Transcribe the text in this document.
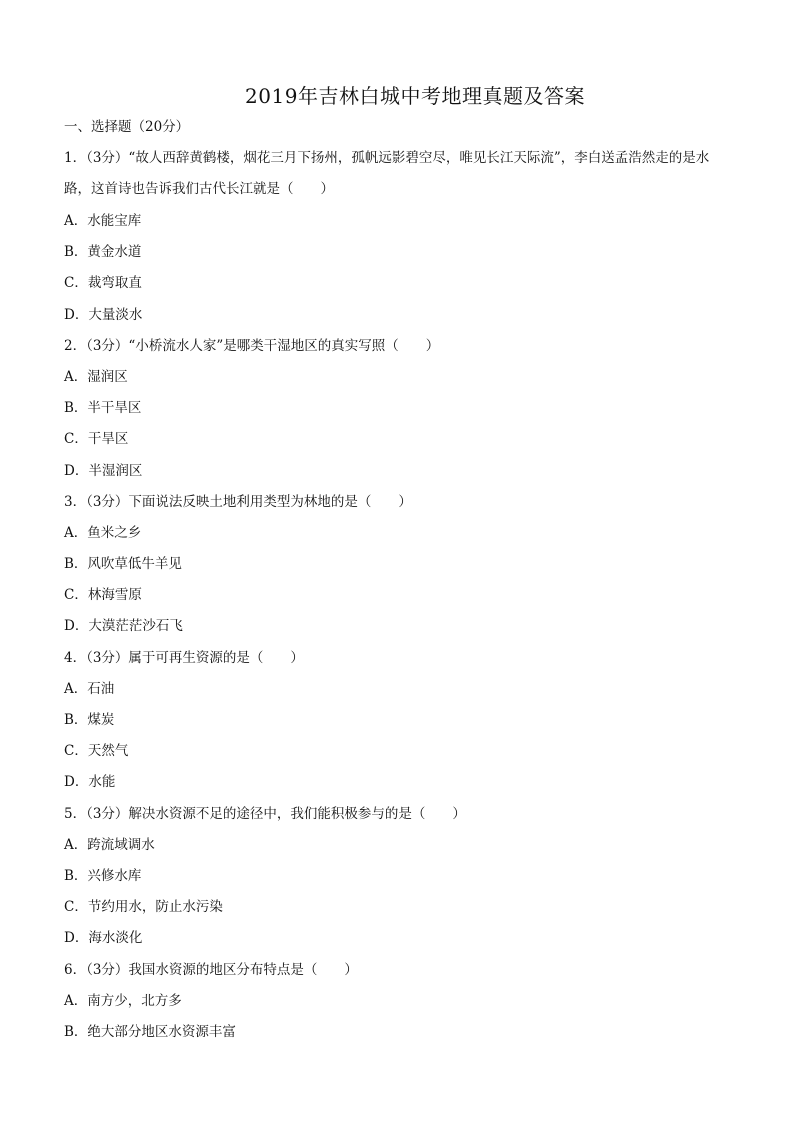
2019年吉林白城中考地理真题及答案
一、选择题（20分）
1．（3分）“故人西辞黄鹤楼，烟花三月下扬州，孤帆远影碧空尽，唯见长江天际流”，李白送孟浩然走的是水路，这首诗也告诉我们古代长江就是（　　）
A．水能宝库
B．黄金水道
C．裁弯取直
D．大量淡水
2．（3分）“小桥流水人家”是哪类干湿地区的真实写照（　　）
A．湿润区
B．半干旱区
C．干旱区
D．半湿润区
3．（3分）下面说法反映土地利用类型为林地的是（　　）
A．鱼米之乡
B．风吹草低牛羊见
C．林海雪原
D．大漠茫茫沙石飞
4．（3分）属于可再生资源的是（　　）
A．石油
B．煤炭
C．天然气
D．水能
5．（3分）解决水资源不足的途径中，我们能积极参与的是（　　）
A．跨流域调水
B．兴修水库
C．节约用水，防止水污染
D．海水淡化
6．（3分）我国水资源的地区分布特点是（　　）
A．南方少，北方多
B．绝大部分地区水资源丰富
